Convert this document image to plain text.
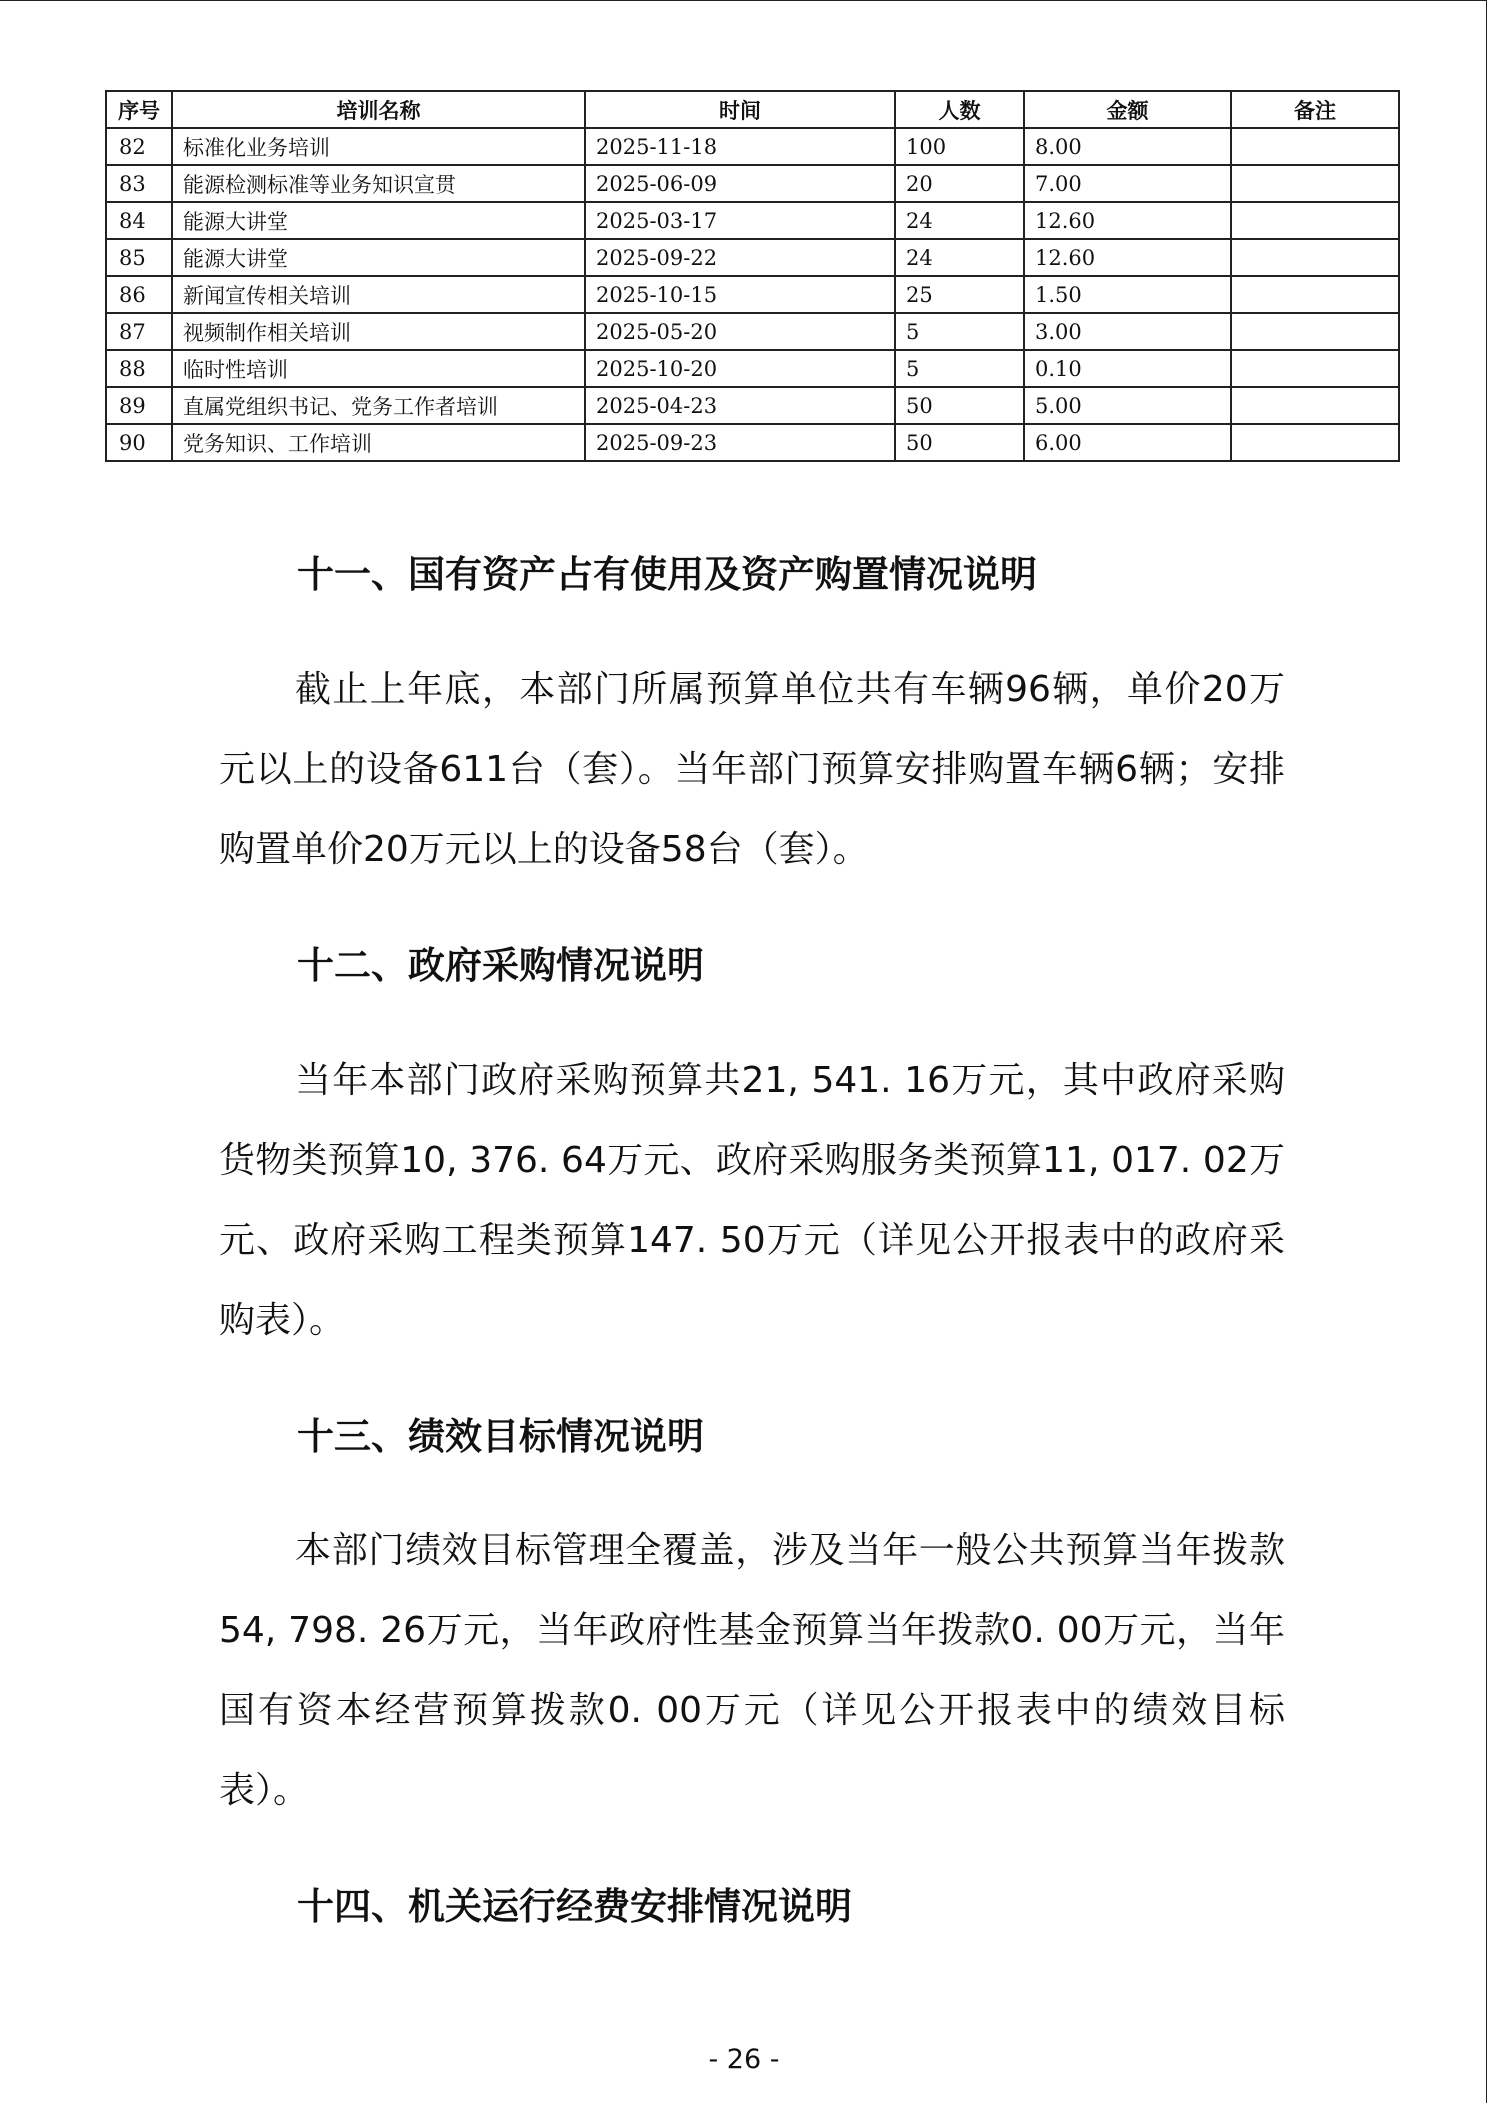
序号	培训名称	时间	人数	金额	备注
82	标准化业务培训	2025-11-18	100	8.00	
83	能源检测标准等业务知识宣贯	2025-06-09	20	7.00	
84	能源大讲堂	2025-03-17	24	12.60	
85	能源大讲堂	2025-09-22	24	12.60	
86	新闻宣传相关培训	2025-10-15	25	1.50	
87	视频制作相关培训	2025-05-20	5	3.00	
88	临时性培训	2025-10-20	5	0.10	
89	直属党组织书记、党务工作者培训	2025-04-23	50	5.00	
90	党务知识、工作培训	2025-09-23	50	6.00	
十一、国有资产占有使用及资产购置情况说明

截止上年底，本部门所属预算单位共有车辆96辆，单价20万元以上的设备611台（套）。当年部门预算安排购置车辆6辆；安排购置单价20万元以上的设备58台（套）。

十二、政府采购情况说明

当年本部门政府采购预算共21, 541. 16万元，其中政府采购货物类预算10, 376. 64万元、政府采购服务类预算11, 017. 02万元、政府采购工程类预算147. 50万元（详见公开报表中的政府采购表）。

十三、绩效目标情况说明

本部门绩效目标管理全覆盖，涉及当年一般公共预算当年拨款54, 798. 26万元，当年政府性基金预算当年拨款0. 00万元，当年国有资本经营预算拨款0. 00万元（详见公开报表中的绩效目标表）。

十四、机关运行经费安排情况说明
- 26 -
